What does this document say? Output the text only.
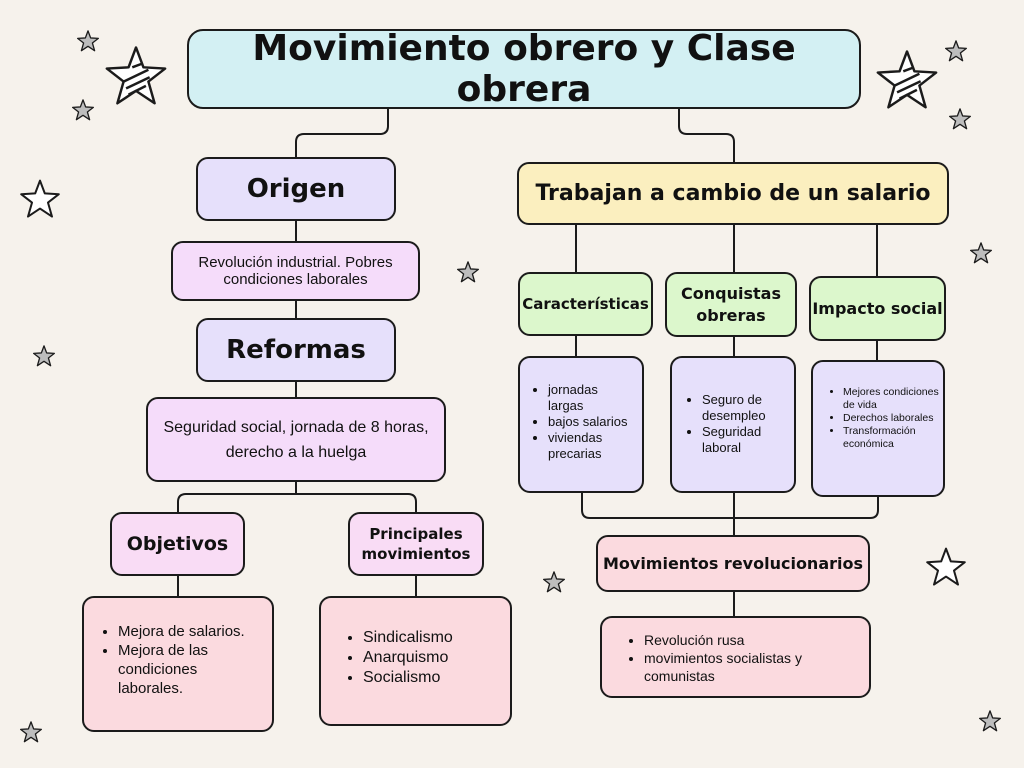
Movimiento obrero y Clase obrera
Origen
Revolución industrial. Pobres condiciones laborales
Reformas
Seguridad social, jornada de 8 horas, derecho a la huelga
Objetivos	Principales movimientos
• Mejora de salarios.
• Mejora de las condiciones laborales.
• Sindicalismo
• Anarquismo
• Socialismo
Trabajan a cambio de un salario
Características
Conquistas obreras	Impacto social
• jornadas largas
• bajos salarios
• viviendas precarias
• Seguro de desempleo
• Seguridad laboral
• Mejores condiciones de vida
• Derechos laborales
• Transformación económica
Movimientos revolucionarios
• Revolución rusa
• movimientos socialistas y comunistas
